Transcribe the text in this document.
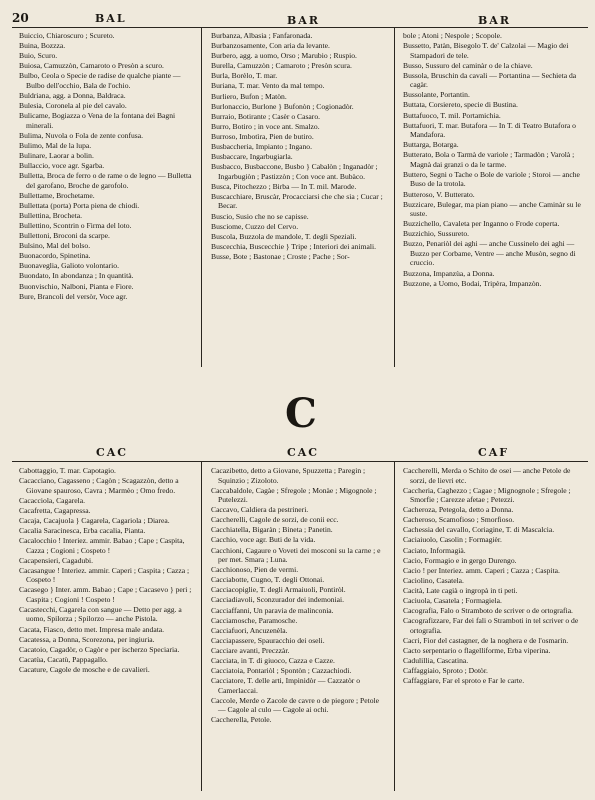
20	BAL	BAR	BAR

Buiccio, Chiaroscuro ; Scureto.

Buina, Bozzza.

Buio, Scuro.

Buiosa, Camuzzòn, Camaroto o Presòn a scuro.

Bulbo, Ceola o Specie de radise de qualche piante — Bulbo dell'occhio, Bala de l'ochio.

Buldriana, agg. a Donna, Baldraca.

Bulesia, Coronela al pie del cavalo.

Bulicame, Bogiazza o Vena de la fontana dei Bagni minerali.

Bulima, Nuvola o Fola de zente confusa.

Bulimo, Mal de la lupa.

Bulinare, Laorar a bolin.

Bullaccio, voce agr. Sgarba.

Bulletta, Broca de ferro o de rame o de legno — Bulletta del garofano, Broche de garofolo.

Bullettame, Brochetame.

Bullettata (porta) Porta piena de chiodi.

Bullettina, Brocheta.

Bullettino, Scontrin o Firma del loto.

Bullettoni, Broconi da scarpe.

Bulsino, Mal del bolso.

Buonacordo, Spinetina.

Buonaveglia, Galioto volontario.

Buondato, In abondanza ; In quantità.

Buonvischio, Nalboni, Pianta e Fiore.

Bure, Brancoli del versòr, Voce agr.

Burbanza, Albasia ; Fanfaronada.

Burbanzosamente, Con aria da levante.

Burbero, agg. a uomo, Orso ; Marubio ; Ruspio.

Burella, Camuzzòn ; Camaroto ; Presòn scura.

Burla, Borèlo, T. mar.

Buriana, T. mar. Vento da mal tempo.

Burliero, Bufon ; Matòn.

Burlonaccio, Burlone } Bufonòn ; Cogionadòr.

Burraio, Botirante ; Casèr o Casaro.

Burro, Botiro ; in voce ant. Smalzo.

Burroso, Imbotìra, Pien de butiro.

Busbaccheria, Impianto ; Ingano.

Busbaccare, Ingarbugiarla.

Busbacco, Busbaccone, Busbo } Cabalòn ; Inganadòr ; Ingarbugiòn ; Pastizzòn ; Con voce ant. Bubàco.

Busca, Pitochezzo ; Birba — In T. mil. Marode.

Buscacchiare, Bruscàr, Procacciarsi che che sia ; Cucar ; Becar.

Buscio, Susio che no se capisse.

Busciome, Cuzzo del Cervo.

Buscola, Buzzola de mandole, T. degli Speziali.

Buscecchia, Buscecchie } Tripe ; Interiori dei animali.

Busse, Bote ; Bastonae ; Croste ; Pache ; Sor-

bole ; Atoni ; Nespole ; Scopole.

Bussetto, Patàn, Bisegolo T. de' Calzolai — Magio dei Stampadori de tele.

Busso, Sussuro del caminàr o de la chiave.

Bussola, Bruschin da cavali — Portantina — Sechieta da cagàr.

Bussolante, Portantin.

Buttata, Corsiereto, specie di Bustina.

Buttafuoco, T. mil. Portamichia.

Buttafuori, T. mar. Butafora — In T. di Teatro Butafora o Mandafora.

Buttarga, Botarga.

Butterato, Bola o Tarmà de variole ; Tarmadòn ; Varolà ; Magnà dai granzi o da le tarme.

Buttero, Segni o Tache o Bole de variole ; Storoi — anche Buso de la trotola.

Butteroso, V. Butterato.

Buzzicare, Bulegar, ma pian piano — anche Caminàr su le suste.

Buzzichello, Cavaleta per Inganno o Frode coperta.

Buzzichio, Sussureto.

Buzzo, Penariòl dei aghi — anche Cussinelo dei aghi — Buzzo per Corbame, Ventre — anche Musòn, segno di cruccio.

Buzzona, Impanzùa, a Donna.

Buzzone, a Uomo, Bodai, Tripèra, Impanzòn.

C
CAC	CAC	CAF

Cabottaggio, T. mar. Capotagio.

Cacacciano, Cagasseno ; Cagòn ; Scagazzòn, detto a Giovane spauroso, Cavra ; Marmèo ; Omo fredo.

Cacacciola, Cagarela.

Cacafretta, Cagapressa.

Cacaja, Cacajuola } Cagarela, Cagariola ; Diarea.

Cacalia Saracinesca, Erba cacalia, Pianta.

Cacalocchio ! Interiez. ammir. Babao ; Cape ; Caspita, Cazza ; Cogioni ; Cospeto !

Cacapensieri, Cagadubi.

Cacasangue ! Interiez. ammir. Caperi ; Caspita ; Cazza ; Cospeto !

Cacasego } Inter. amm. Babao ; Cape ; Cacasevo } peri ; Caspita ; Cogioni ! Cospeto !

Cacastecchi, Cagarela con sangue — Detto per agg. a uomo, Spilorza ; Spilorzo — anche Pistola.

Cacata, Fiasco, detto met. Impresa male andata.

Cacatessa, a Donna, Scorezona, per ingiuria.

Cacatoio, Cagadòr, o Cagòr e per ischerzo Speciaria.

Cacatùa, Cacatù, Pappagallo.

Cacature, Cagole de mosche e de cavalieri.

Cacazibetto, detto a Giovane, Spuzzetta ; Paregin ; Squinzio ; Zizoloto.

Caccabaldole, Cagàe ; Sfregole ; Monàe ; Migognole ; Putelezzi.

Caccavo, Caldiera da pestrineri.

Caccherelli, Cagole de sorzi, de conii ecc.

Cacchiatella, Bigaràn ; Bineta ; Panetin.

Cacchio, voce agr. Buti de la vida.

Cacchioni, Cagaure o Voveti dei mosconi su la carne ; e per met. Smara ; Luna.

Cacchionoso, Pien de vermi.

Cacciabotte, Cugno, T. degli Ottonai.

Cacciacopiglie, T. degli Armaiuoli, Pontiròl.

Cacciadiavoli, Sconzurador dei indemoniai.

Cacciaffanni, Un paravia de malinconia.

Cacciamosche, Paramosche.

Cacciafuori, Ancuzenèla.

Cacciapassere, Spauracchio dei oseli.

Cacciare avanti, Preczzàr.

Cacciata, in T. di giuoco, Cazza e Cazze.

Cacciatoia, Pontariòl ; Spontòn ; Cazzachiodi.

Cacciatore, T. delle arti, Impinidòr — Cazzatòr o Camerlaccai.

Caccole, Merde o Zacole de cavre o de piegore ; Petole — Cagole al culo — Cagole ai ochi.

Caccherella, Petole.

Caccherelli, Merda o Schito de osei — anche Petole de sorzi, de lievri etc.

Caccheria, Caghezzo ; Cagae ; Mignognole ; Sfregole ; Smorfie ; Carezze afetae ; Petezzi.

Cacheroza, Petegola, detto a Donna.

Cacheroso, Scamofioso ; Smorfioso.

Cachessia del cavallo, Coriagine, T. di Mascalcia.

Caciaiuolo, Casolin ; Formagièr.

Caciato, Informagià.

Cacio, Formagio e in gergo Durengo.

Cacio ! per Interiez. amm. Caperi ; Cazza ; Caspita.

Caciolino, Casatela.

Cacità, Late cagià o ingropà in ti peti.

Caciuola, Casatela ; Formagiela.

Cacografia, Falo o Stramboto de scriver o de ortografia.

Cacografizzare, Far dei fali o Stramboti in tel scriver o de ortografia.

Cacri, Fior del castagner, de la noghera e de l'osmarin.

Cacto serpentario o flagelliforme, Erba viperina.

Cadulillia, Cascatina.

Caffaggiaio, Sproto ; Dotòr.

Caffaggiare, Far el sproto e Far le carte.
